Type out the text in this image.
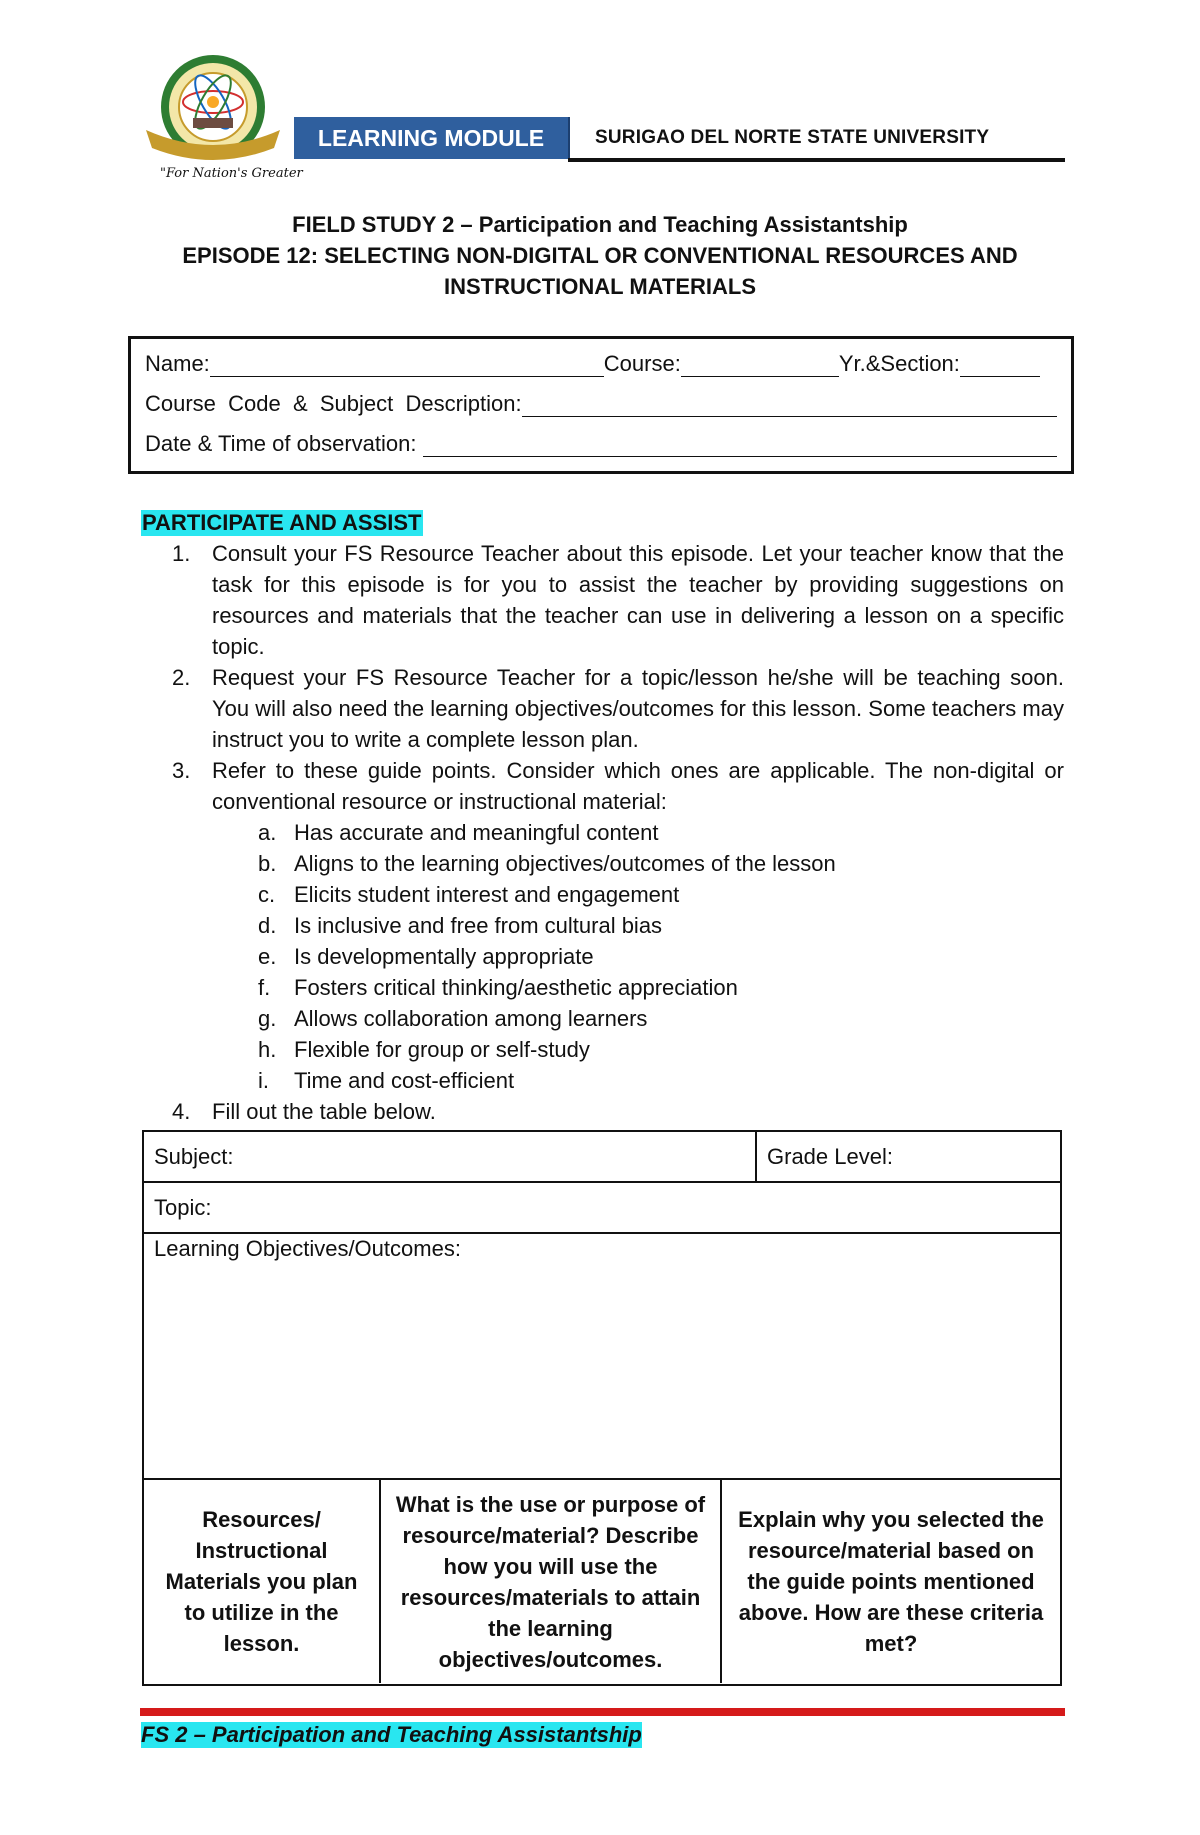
"For Nation's Greater
LEARNING MODULE	SURIGAO DEL NORTE STATE UNIVERSITY
FIELD STUDY 2 – Participation and Teaching Assistantship
EPISODE 12: SELECTING NON-DIGITAL OR CONVENTIONAL RESOURCES AND
INSTRUCTIONAL MATERIALS
Name:	Course:	Yr.&Section:
Course  Code  &  Subject  Description:
Date & Time of observation:
PARTICIPATE AND ASSIST
1. Consult your FS Resource Teacher about this episode. Let your teacher know that the task for this episode is for you to assist the teacher by providing suggestions on resources and materials that the teacher can use in delivering a lesson on a specific topic.
2. Request your FS Resource Teacher for a topic/lesson he/she will be teaching soon. You will also need the learning objectives/outcomes for this lesson. Some teachers may instruct you to write a complete lesson plan.
3. Refer to these guide points. Consider which ones are applicable. The non-digital or conventional resource or instructional material:
a. Has accurate and meaningful content
b. Aligns to the learning objectives/outcomes of the lesson
c. Elicits student interest and engagement
d. Is inclusive and free from cultural bias
e. Is developmentally appropriate
f. Fosters critical thinking/aesthetic appreciation
g. Allows collaboration among learners
h. Flexible for group or self-study
i. Time and cost-efficient
4. Fill out the table below.
Subject:	Grade Level:
Topic:
Learning Objectives/Outcomes:
Resources/ Instructional Materials you plan to utilize in the lesson.
What is the use or purpose of resource/material? Describe how you will use the resources/materials to attain the learning objectives/outcomes.
Explain why you selected the resource/material based on the guide points mentioned above. How are these criteria met?
FS 2 – Participation and Teaching Assistantship
